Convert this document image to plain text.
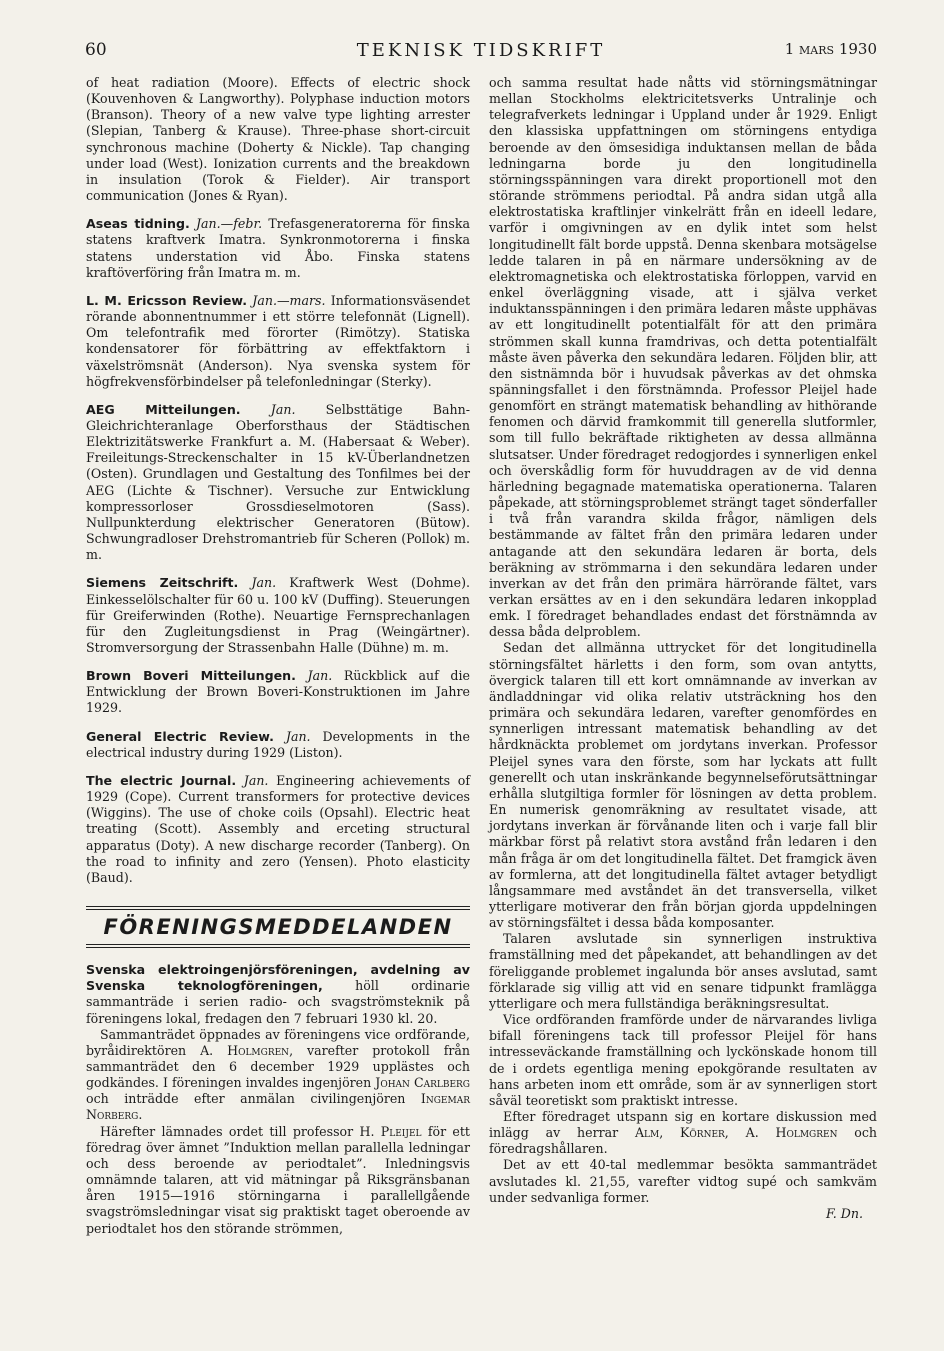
60	TEKNISK TIDSKRIFT	1 mars 1930

of heat radiation (Moore). Effects of electric shock (Kouvenhoven & Langworthy). Polyphase induction motors (Branson). Theory of a new valve type lighting arrester (Slepian, Tanberg & Krause). Three-phase short-circuit synchronous machine (Doherty & Nickle). Tap changing under load (West). Ionization currents and the breakdown in insulation (Torok & Fielder). Air transport communication (Jones & Ryan).

Aseas tidning. Jan.—febr. Trefasgeneratorerna för finska statens kraftverk Imatra. Synkronmotorerna i finska statens understation vid Åbo. Finska statens kraftöverföring från Imatra m. m.

L. M. Ericsson Review. Jan.—mars. Informationsväsendet rörande abonnentnummer i ett större telefonnät (Lignell). Om telefontrafik med förorter (Rimötzy). Statiska kondensatorer för förbättring av effektfaktorn i växelströmsnät (Anderson). Nya svenska system för högfrekvensförbindelser på telefonledningar (Sterky).

AEG Mitteilungen. Jan. Selbsttätige Bahn-Gleichrichteranlage Oberforsthaus der Städtischen Elektrizitätswerke Frankfurt a. M. (Habersaat & Weber). Freileitungs-Streckenschalter in 15 kV-Überlandnetzen (Osten). Grundlagen und Gestaltung des Tonfilmes bei der AEG (Lichte & Tischner). Versuche zur Entwicklung kompressorloser Grossdieselmotoren (Sass). Nullpunkterdung elektrischer Generatoren (Bütow). Schwungradloser Drehstromantrieb für Scheren (Pollok) m. m.

Siemens Zeitschrift. Jan. Kraftwerk West (Dohme). Einkesselölschalter für 60 u. 100 kV (Duffing). Steuerungen für Greiferwinden (Rothe). Neuartige Fernsprechanlagen für den Zugleitungsdienst in Prag (Weingärtner). Stromversorgung der Strassenbahn Halle (Dühne) m. m.

Brown Boveri Mitteilungen. Jan. Rückblick auf die Entwicklung der Brown Boveri-Konstruktionen im Jahre 1929.

General Electric Review. Jan. Developments in the electrical industry during 1929 (Liston).

The electric Journal. Jan. Engineering achievements of 1929 (Cope). Current transformers for protective devices (Wiggins). The use of choke coils (Opsahl). Electric heat treating (Scott). Assembly and erceting structural apparatus (Doty). A new discharge recorder (Tanberg). On the road to infinity and zero (Yensen). Photo elasticity (Baud).

FÖRENINGSMEDDELANDEN

Svenska elektroingenjörsföreningen, avdelning av Svenska teknologföreningen,	höll ordinarie sammanträde i serien radio- och svagströmsteknik på föreningens lokal, fredagen den 7 februari 1930 kl. 20.

Sammanträdet öppnades av föreningens vice ordförande, byråidirektören A. Holmgren, varefter protokoll från sammanträdet den 6 december 1929 upplästes och godkändes. I föreningen invaldes ingenjören Johan Carlberg och inträdde efter anmälan civilingenjören Ingemar Norberg.

Härefter lämnades ordet till professor H. Pleijel för ett föredrag över ämnet ”Induktion mellan parallella ledningar och dess beroende av periodtalet”. Inledningsvis omnämnde talaren, att vid mätningar på Riksgränsbanan åren 1915—1916 störningarna i parallellgående svagströmsledningar visat sig praktiskt taget oberoende av periodtalet hos den störande strömmen,

och samma resultat hade nåtts vid störningsmätningar mellan Stockholms elektricitetsverks Untralinje och telegrafverkets ledningar i Uppland under år 1929. Enligt den klassiska uppfattningen om störningens entydiga beroende av den ömsesidiga induktansen mellan de båda ledningarna borde ju den longitudinella störningsspänningen vara direkt proportionell mot den störande strömmens periodtal. På andra sidan utgå alla elektrostatiska kraftlinjer vinkelrätt från en ideell ledare, varför i omgivningen av en dylik intet som helst longitudinellt fält borde uppstå. Denna skenbara motsägelse ledde talaren in på en närmare undersökning av de elektromagnetiska och elektrostatiska förloppen, varvid en enkel överläggning visade, att i själva verket induktansspänningen i den primära ledaren måste upphävas av ett longitudinellt potentialfält för att den primära strömmen skall kunna framdrivas, och detta potentialfält måste även påverka den sekundära ledaren. Följden blir, att den sistnämnda bör i huvudsak påverkas av det ohmska spänningsfallet i den förstnämnda. Professor Pleijel hade genomfört en strängt matematisk behandling av hithörande fenomen och därvid framkommit till generella slutformler, som till fullo bekräftade riktigheten av dessa allmänna slutsatser. Under föredraget redogjordes i synnerligen enkel och överskådlig form för huvuddragen av de vid denna härledning begagnade matematiska operationerna. Talaren påpekade, att störningsproblemet strängt taget sönderfaller i två från varandra skilda frågor, nämligen dels bestämmande av fältet från den primära ledaren under antagande att den sekundära ledaren är borta, dels beräkning av strömmarna i den sekundära ledaren under inverkan av det från den primära härrörande fältet, vars verkan ersättes av en i den sekundära ledaren inkopplad emk. I föredraget behandlades endast det förstnämnda av dessa båda delproblem.

Sedan det allmänna uttrycket för det longitudinella störningsfältet härletts i den form, som ovan antytts, övergick talaren till ett kort omnämnande av inverkan av ändladdningar vid olika relativ utsträckning hos den primära och sekundära ledaren, varefter genomfördes en synnerligen intressant matematisk behandling av det hårdknäckta problemet om jordytans inverkan. Professor Pleijel synes vara den förste, som har lyckats att fullt generellt och utan inskränkande begynnelseförutsättningar erhålla slutgiltiga formler för lösningen av detta problem. En numerisk genomräkning av resultatet visade, att jordytans inverkan är förvånande liten och i varje fall blir märkbar först på relativt stora avstånd från ledaren i den mån fråga är om det longitudinella fältet. Det framgick även av formlerna, att det longitudinella fältet avtager betydligt långsammare med avståndet än det transversella, vilket ytterligare motiverar den från början gjorda uppdelningen av störningsfältet i dessa båda komposanter.

Talaren avslutade sin synnerligen instruktiva framställning med det påpekandet, att behandlingen av det föreliggande problemet ingalunda bör anses avslutad, samt förklarade sig villig att vid en senare tidpunkt framlägga ytterligare och mera fullständiga beräkningsresultat.

Vice ordföranden framförde under de närvarandes livliga bifall föreningens tack till professor Pleijel för hans intresseväckande framställning och lyckönskade honom till de i ordets egentliga mening epokgörande resultaten av hans arbeten inom ett område, som är av synnerligen stort såväl teoretiskt som praktiskt intresse.

Efter föredraget utspann sig en kortare diskussion med inlägg av herrar Alm, Körner, A. Holmgren och föredragshållaren.

Det av ett 40-tal medlemmar besökta sammanträdet avslutades kl. 21,55, varefter vidtog supé och samkväm under sedvanliga former.

F. Dn.
